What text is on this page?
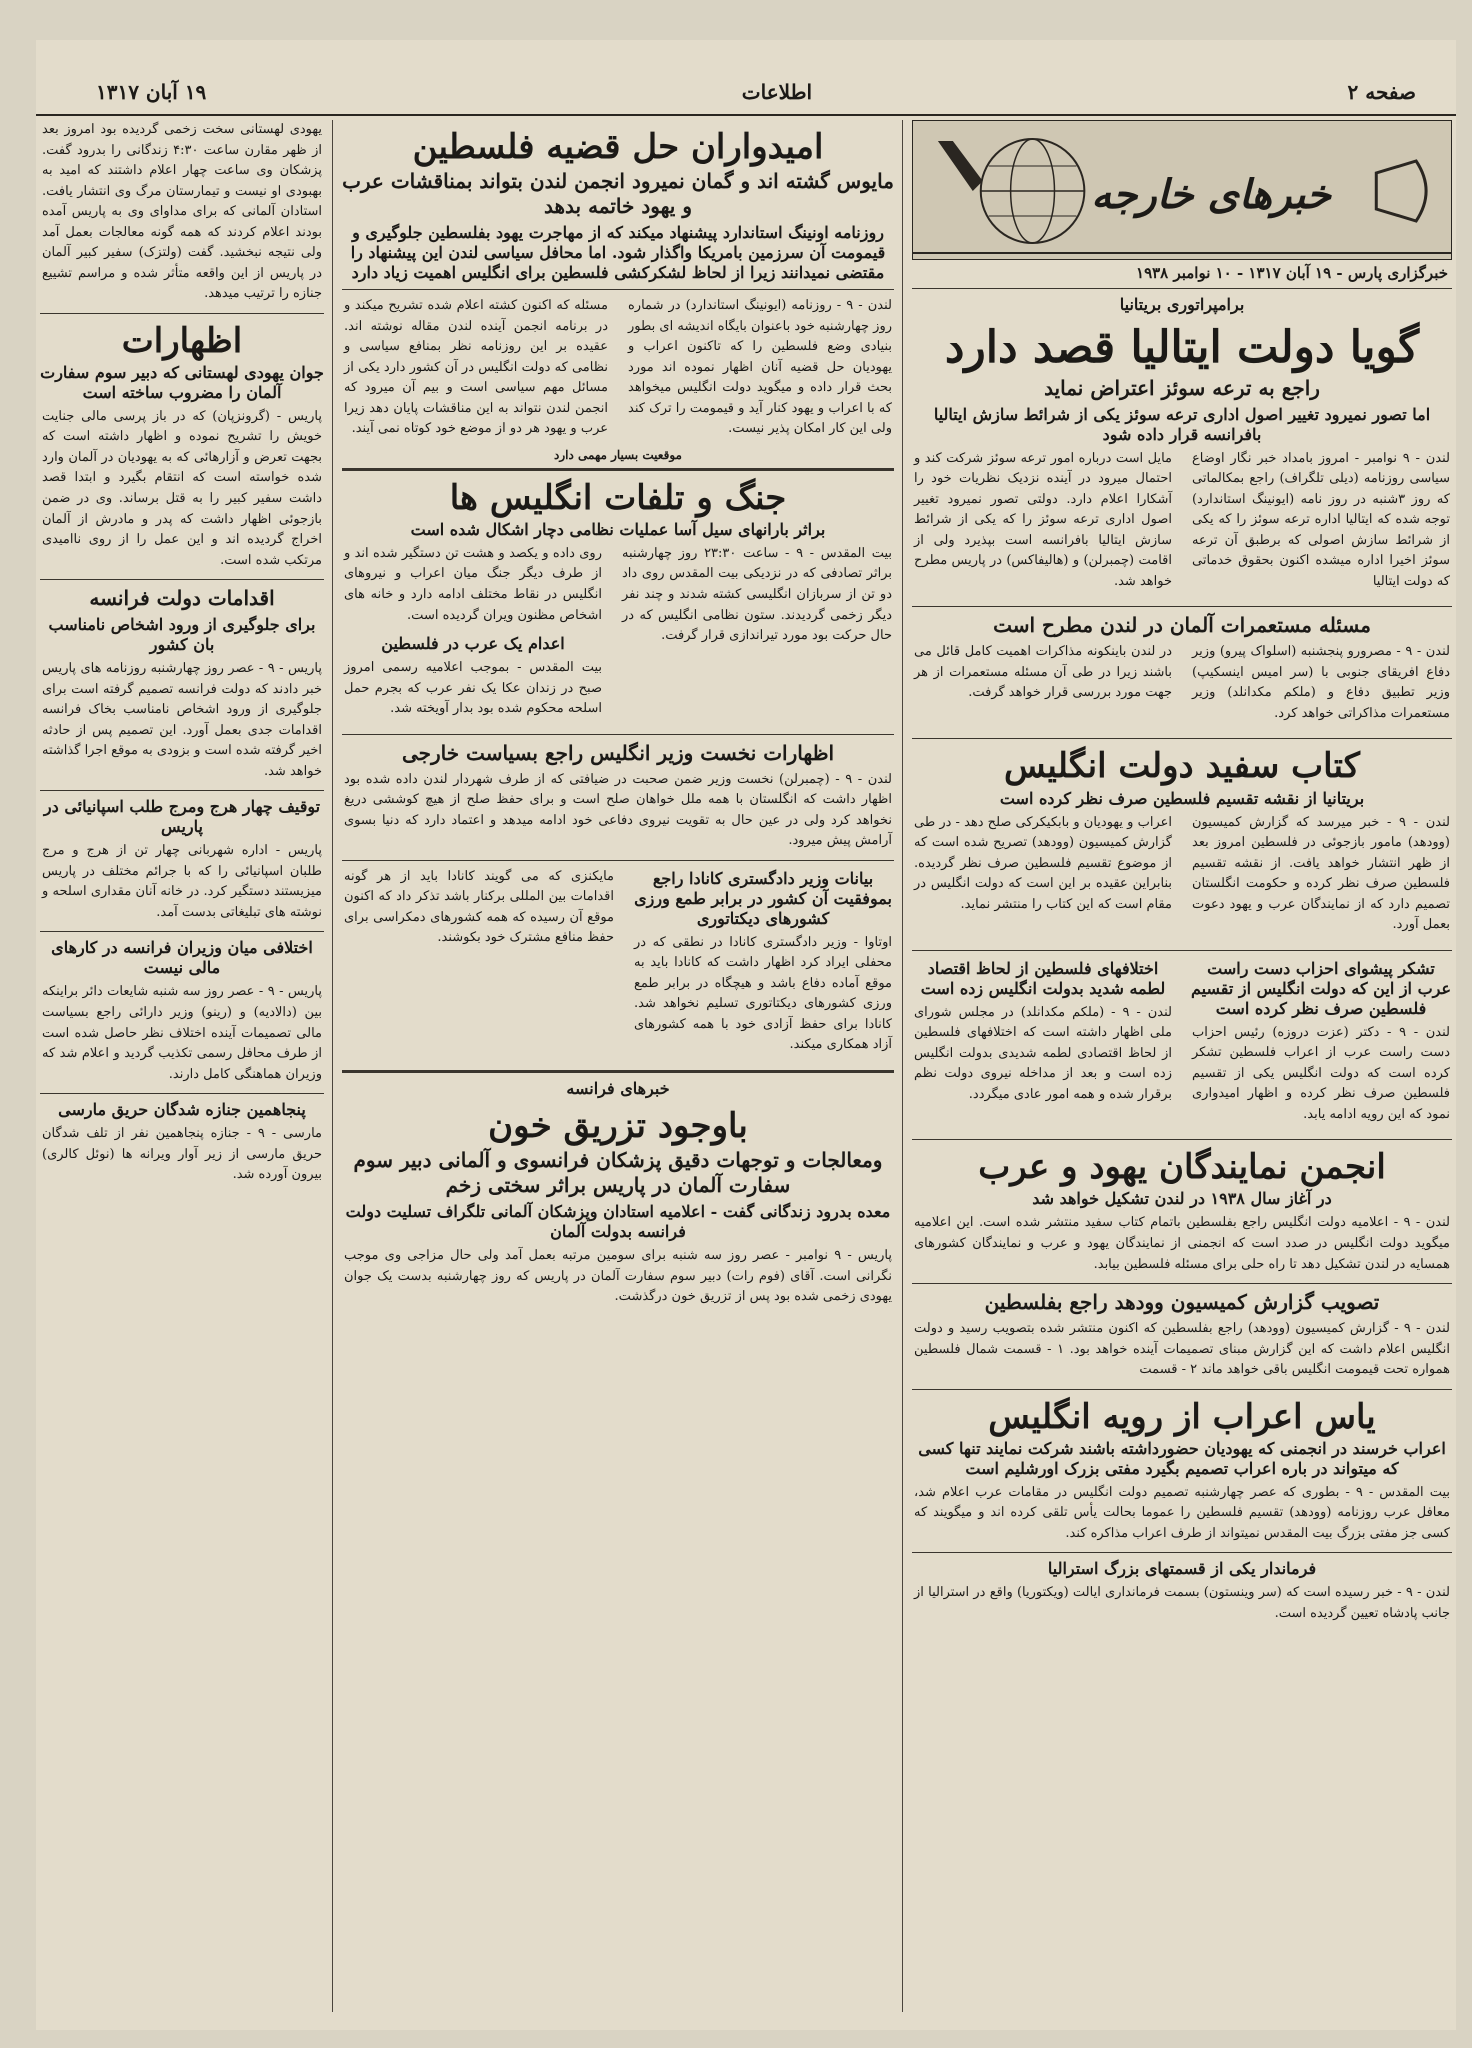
۱۹ آبان ۱۳۱۷	اطلاعات	صفحه ۲
خبرهای خارجه
خبرگزاری پارس - ۱۹ آبان ۱۳۱۷ - ۱۰ نوامبر ۱۹۳۸
برامپراتوری بریتانیا
گویا دولت ایتالیا قصد دارد
راجع به ترعه سوئز اعتراض نماید
اما تصور نمیرود تغییر اصول اداری ترعه سوئز یکی از شرائط سازش ایتالیا بافرانسه قرار داده شود
لندن - ۹ نوامبر - امروز بامداد خبر نگار اوضاع سیاسی روزنامه (دیلی تلگراف) راجع بمکالماتی که روز ۳شنبه در روز نامه (ایونینگ استاندارد) توجه شده که ایتالیا اداره ترعه سوئز را که یکی از شرائط سازش اصولی که برطبق آن ترعه سوئز اخیرا اداره میشده اکنون بحقوق خدماتی که دولت ایتالیا
مایل است درباره امور ترعه سوئز شرکت کند و احتمال میرود در آینده نزدیک نظریات خود را آشکارا اعلام دارد. دولتی تصور نمیرود تغییر اصول اداری ترعه سوئز را که یکی از شرائط سازش ایتالیا بافرانسه است بپذیرد ولی از اقامت (چمبرلن) و (هالیفاکس) در پاریس مطرح خواهد شد.
مسئله مستعمرات آلمان در لندن مطرح است
لندن - ۹ - مصرورو پنجشنبه (اسلواک پیرو) وزیر دفاع افریقای جنوبی با (سر امیس اینسکیپ) وزیر تطبیق دفاع و (ملکم مکدانلد) وزیر مستعمرات مذاکراتی خواهد کرد.
در لندن باینکونه مذاکرات اهمیت کامل قائل می باشند زیرا در طی آن مسئله مستعمرات از هر جهت مورد بررسی قرار خواهد گرفت.
کتاب سفید دولت انگلیس
بریتانیا از نقشه تقسیم فلسطین صرف نظر کرده است
لندن - ۹ - خبر میرسد که گزارش کمیسیون (وودهد) مامور بازجوئی در فلسطین امروز بعد از ظهر انتشار خواهد یافت. از نقشه تقسیم فلسطین صرف نظر کرده و حکومت انگلستان تصمیم دارد که از نمایندگان عرب و یهود دعوت بعمل آورد.
اعراب و یهودیان و بابکیکرکی صلح دهد - در طی گزارش کمیسیون (وودهد) تصریح شده است که از موضوع تقسیم فلسطین صرف نظر گردیده. بنابراین عقیده بر این است که دولت انگلیس در مقام است که این کتاب را منتشر نماید.
تشکر پیشوای احزاب دست راست عرب از این که دولت انگلیس از تقسیم فلسطین صرف نظر کرده است
لندن - ۹ - دکتر (عزت دروزه) رئیس احزاب دست راست عرب از اعراب فلسطین تشکر کرده است که دولت انگلیس یکی از تقسیم فلسطین صرف نظر کرده و اظهار امیدواری نمود که این رویه ادامه یابد.
اختلافهای فلسطین از لحاظ اقتصاد لطمه شدید بدولت انگلیس زده است
لندن - ۹ - (ملکم مکدانلد) در مجلس شورای ملی اظهار داشته است که اختلافهای فلسطین از لحاظ اقتصادی لطمه شدیدی بدولت انگلیس زده است و بعد از مداخله نیروی دولت نظم برقرار شده و همه امور عادی میگردد.
انجمن نمایندگان یهود و عرب
در آغاز سال ۱۹۳۸ در لندن تشکیل خواهد شد
لندن - ۹ - اعلامیه دولت انگلیس راجع بفلسطین باتمام کتاب سفید منتشر شده است. این اعلامیه میگوید دولت انگلیس در صدد است که انجمنی از نمایندگان یهود و عرب و نمایندگان کشورهای همسایه در لندن تشکیل دهد تا راه حلی برای مسئله فلسطین بیابد.
تصویب گزارش کمیسیون وودهد راجع بفلسطین
لندن - ۹ - گزارش کمیسیون (وودهد) راجع بفلسطین که اکنون منتشر شده بتصویب رسید و دولت انگلیس اعلام داشت که این گزارش مبنای تصمیمات آینده خواهد بود. ۱ - قسمت شمال فلسطین همواره تحت قیمومت انگلیس باقی خواهد ماند ۲ - قسمت
یاس اعراب از رویه انگلیس
اعراب خرسند در انجمنی که یهودیان حضورداشته باشند شرکت نمایند تنها کسی که میتواند در باره اعراب تصمیم بگیرد مفتی بزرک اورشلیم است
بیت المقدس - ۹ - بطوری که عصر چهارشنبه تصمیم دولت انگلیس در مقامات عرب اعلام شد، معافل عرب روزنامه (وودهد) تقسیم فلسطین را عموما بحالت یأس تلقی کرده اند و میگویند که کسی جز مفتی بزرگ بیت المقدس نمیتواند از طرف اعراب مذاکره کند.
فرماندار یکی از قسمتهای بزرگ استرالیا
لندن - ۹ - خبر رسیده است که (سر وینستون) بسمت فرمانداری ایالت (ویکتوریا) واقع در استرالیا از جانب پادشاه تعیین گردیده است.
امیدواران حل قضیه فلسطین
مایوس گشته اند و گمان نمیرود انجمن لندن بتواند بمناقشات عرب و یهود خاتمه بدهد
روزنامه اونینگ استاندارد پیشنهاد میکند که از مهاجرت یهود بفلسطین جلوگیری و قیمومت آن سرزمین بامریکا واگذار شود. اما محافل سیاسی لندن این پیشنهاد را مقتضی نمیدانند زیرا از لحاظ لشکرکشی فلسطین برای انگلیس اهمیت زیاد دارد
لندن - ۹ - روزنامه (ایونینگ استاندارد) در شماره روز چهارشنبه خود باعنوان بایگاه اندیشه ای بطور بنیادی وضع فلسطین را که تاکنون اعراب و یهودیان حل قضیه آنان اظهار نموده اند مورد بحث قرار داده و میگوید دولت انگلیس میخواهد که با اعراب و یهود کنار آید و قیمومت را ترک کند ولی این کار امکان پذیر نیست.
مسئله که اکنون کشته اعلام شده تشریح میکند و در برنامه انجمن آینده لندن مقاله نوشته اند. عقیده بر این روزنامه نظر بمنافع سیاسی و نظامی که دولت انگلیس در آن کشور دارد یکی از مسائل مهم سیاسی است و بیم آن میرود که انجمن لندن نتواند به این مناقشات پایان دهد زیرا عرب و یهود هر دو از موضع خود کوتاه نمی آیند.
موقعیت بسیار مهمی دارد
جنگ و تلفات انگلیس ها
براثر بارانهای سیل آسا عملیات نظامی دچار اشکال شده است
بیت المقدس - ۹ - ساعت ۲۳:۳۰ روز چهارشنبه براثر تصادفی که در نزدیکی بیت المقدس روی داد دو تن از سربازان انگلیسی کشته شدند و چند نفر دیگر زخمی گردیدند. ستون نظامی انگلیس که در حال حرکت بود مورد تیراندازی قرار گرفت.
روی داده و یکصد و هشت تن دستگیر شده اند و از طرف دیگر جنگ میان اعراب و نیروهای انگلیس در نقاط مختلف ادامه دارد و خانه های اشخاص مظنون ویران گردیده است.
اعدام یک عرب در فلسطین
بیت المقدس - بموجب اعلامیه رسمی امروز صبح در زندان عکا یک نفر عرب که بجرم حمل اسلحه محکوم شده بود بدار آویخته شد.
اظهارات نخست وزیر انگلیس راجع بسیاست خارجی
لندن - ۹ - (چمبرلن) نخست وزیر ضمن صحبت در ضیافتی که از طرف شهردار لندن داده شده بود اظهار داشت که انگلستان با همه ملل خواهان صلح است و برای حفظ صلح از هیچ کوششی دریغ نخواهد کرد ولی در عین حال به تقویت نیروی دفاعی خود ادامه میدهد و اعتماد دارد که دنیا بسوی آرامش پیش میرود.
بیانات وزیر دادگستری کانادا راجع بموفقیت آن کشور در برابر طمع ورزی کشورهای دیکتاتوری
اوتاوا - وزیر دادگستری کانادا در نطقی که در محفلی ایراد کرد اظهار داشت که کانادا باید به موقع آماده دفاع باشد و هیچگاه در برابر طمع ورزی کشورهای دیکتاتوری تسلیم نخواهد شد. کانادا برای حفظ آزادی خود با همه کشورهای آزاد همکاری میکند.
مایکنزی که می گویند کانادا باید از هر گونه اقدامات بین المللی برکنار باشد تذکر داد که اکنون موقع آن رسیده که همه کشورهای دمکراسی برای حفظ منافع مشترک خود بکوشند.
خبرهای فرانسه
باوجود تزریق خون
ومعالجات و توجهات دقیق پزشکان فرانسوی و آلمانی دبیر سوم سفارت آلمان در پاریس براثر سختی زخم
معده بدرود زندگانی گفت - اعلامیه استادان وپزشکان آلمانی تلگراف تسلیت دولت فرانسه بدولت آلمان
پاریس - ۹ نوامبر - عصر روز سه شنبه برای سومین مرتبه بعمل آمد ولی حال مزاجی وی موجب نگرانی است. آقای (فوم رات) دبیر سوم سفارت آلمان در پاریس که روز چهارشنبه بدست یک جوان یهودی زخمی شده بود پس از تزریق خون درگذشت.
یهودی لهستانی سخت زخمی گردیده بود امروز بعد از ظهر مقارن ساعت ۴:۳۰ زندگانی را بدرود گفت. پزشکان وی ساعت چهار اعلام داشتند که امید به بهبودی او نیست و تیمارستان مرگ وی انتشار یافت. استادان آلمانی که برای مداوای وی به پاریس آمده بودند اعلام کردند که همه گونه معالجات بعمل آمد ولی نتیجه نبخشید. گفت (ولتزک) سفیر کبیر آلمان در پاریس از این واقعه متأثر شده و مراسم تشییع جنازه را ترتیب میدهد.
اظهارات
جوان یهودی لهستانی که دبیر سوم سفارت آلمان را مضروب ساخته است
پاریس - (گرونزپان) که در باز پرسی مالی جنایت خویش را تشریح نموده و اظهار داشته است که بجهت تعرض و آزارهائی که به یهودیان در آلمان وارد شده خواسته است که انتقام بگیرد و ابتدا قصد داشت سفیر کبیر را به قتل برساند. وی در ضمن بازجوئی اظهار داشت که پدر و مادرش از آلمان اخراج گردیده اند و این عمل را از روی ناامیدی مرتکب شده است.
اقدامات دولت فرانسه
برای جلوگیری از ورود اشخاص نامناسب بان کشور
پاریس - ۹ - عصر روز چهارشنبه روزنامه های پاریس خبر دادند که دولت فرانسه تصمیم گرفته است برای جلوگیری از ورود اشخاص نامناسب بخاک فرانسه اقدامات جدی بعمل آورد. این تصمیم پس از حادثه اخیر گرفته شده است و بزودی به موقع اجرا گذاشته خواهد شد.
توقیف چهار هرج ومرج طلب اسپانیائی در پاریس
پاریس - اداره شهربانی چهار تن از هرج و مرج طلبان اسپانیائی را که با جرائم مختلف در پاریس میزیستند دستگیر کرد. در خانه آنان مقداری اسلحه و نوشته های تبلیغاتی بدست آمد.
اختلافی میان وزیران فرانسه در کارهای مالی نیست
پاریس - ۹ - عصر روز سه شنبه شایعات دائر براینکه بین (دالادیه) و (رینو) وزیر دارائی راجع بسیاست مالی تصمیمات آینده اختلاف نظر حاصل شده است از طرف محافل رسمی تکذیب گردید و اعلام شد که وزیران هماهنگی کامل دارند.
پنجاهمین جنازه شدگان حریق مارسی
مارسی - ۹ - جنازه پنجاهمین نفر از تلف شدگان حریق مارسی از زیر آوار ویرانه ها (نوئل کالری) بیرون آورده شد.
